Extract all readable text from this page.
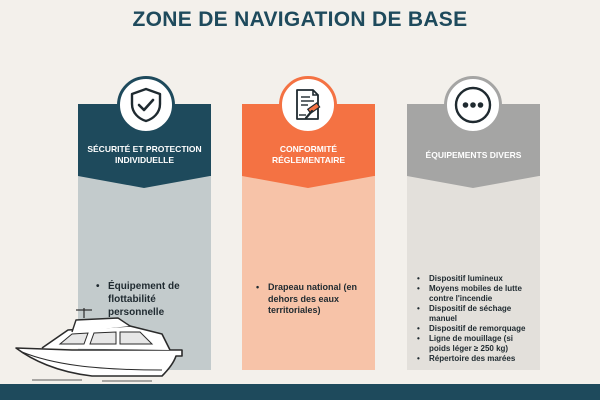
ZONE DE NAVIGATION DE BASE
SÉCURITÉ ET PROTECTION INDIVIDUELLE
• Équipement de flottabilité personnelle
CONFORMITÉ RÉGLEMENTAIRE
• Drapeau national (en dehors des eaux territoriales)
ÉQUIPEMENTS DIVERS
• Dispositif lumineux
• Moyens mobiles de lutte contre l'incendie
• Dispositif de séchage manuel
• Dispositif de remorquage
• Ligne de mouillage (si poids léger ≥ 250 kg)
• Répertoire des marées
